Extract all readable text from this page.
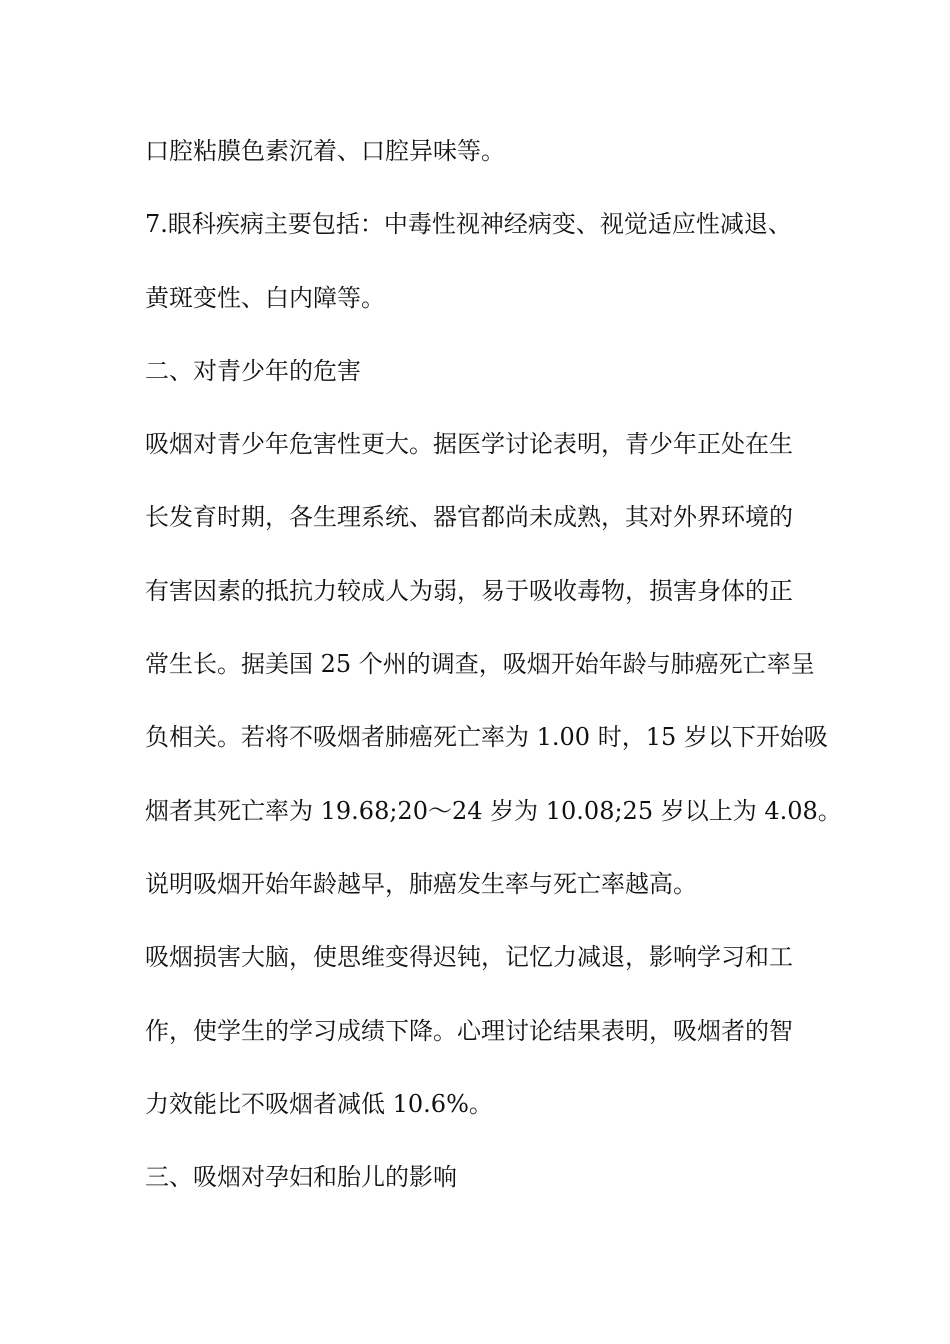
口腔粘膜色素沉着、口腔异味等。
7.眼科疾病主要包括：中毒性视神经病变、视觉适应性减退、
黄斑变性、白内障等。
二、对青少年的危害
吸烟对青少年危害性更大。据医学讨论表明，青少年正处在生
长发育时期，各生理系统、器官都尚未成熟，其对外界环境的
有害因素的抵抗力较成人为弱，易于吸收毒物，损害身体的正
常生长。据美国 25 个州的调查，吸烟开始年龄与肺癌死亡率呈
负相关。若将不吸烟者肺癌死亡率为 1.00 时，15 岁以下开始吸
烟者其死亡率为 19.68;20～24 岁为 10.08;25 岁以上为 4.08。
说明吸烟开始年龄越早，肺癌发生率与死亡率越高。
吸烟损害大脑，使思维变得迟钝，记忆力减退，影响学习和工
作，使学生的学习成绩下降。心理讨论结果表明，吸烟者的智
力效能比不吸烟者减低 10.6%。
三、吸烟对孕妇和胎儿的影响
